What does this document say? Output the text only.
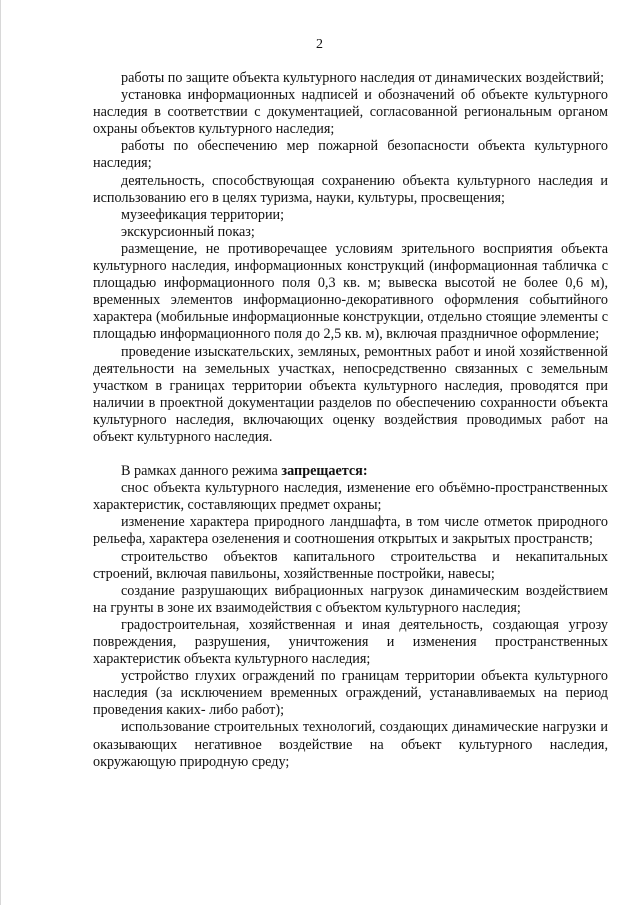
2

работы по защите объекта культурного наследия от динамических воздействий;

установка информационных надписей и обозначений об объекте культурного наследия в соответствии с документацией, согласованной региональным органом охраны объектов культурного наследия;

работы по обеспечению мер пожарной безопасности объекта культурного наследия;

деятельность, способствующая сохранению объекта культурного наследия и использованию его в целях туризма, науки, культуры, просвещения;

музеефикация территории;

экскурсионный показ;

размещение, не противоречащее условиям зрительного восприятия объекта культурного наследия, информационных конструкций (информационная табличка с площадью информационного поля 0,3 кв. м; вывеска высотой не более 0,6 м), временных элементов информационно-декоративного оформления событийного характера (мобильные информационные конструкции, отдельно стоящие элементы с площадью информационного поля до 2,5 кв. м), включая праздничное оформление;

проведение изыскательских, земляных, ремонтных работ и иной хозяйственной деятельности на земельных участках, непосредственно связанных с земельным участком в границах территории объекта культурного наследия, проводятся при наличии в проектной документации разделов по обеспечению сохранности объекта культурного наследия, включающих оценку воздействия проводимых работ на объект культурного наследия.

В рамках данного режима запрещается:

снос объекта культурного наследия, изменение его объёмно-пространственных характеристик, составляющих предмет охраны;

изменение характера природного ландшафта, в том числе отметок природного рельефа, характера озеленения и соотношения открытых и закрытых пространств;

строительство объектов капитального строительства и некапитальных строений, включая павильоны, хозяйственные постройки, навесы;

создание разрушающих вибрационных нагрузок динамическим воздействием на грунты в зоне их взаимодействия с объектом культурного наследия;

градостроительная, хозяйственная и иная деятельность, создающая угрозу повреждения, разрушения, уничтожения и изменения пространственных характеристик объекта культурного наследия;

устройство глухих ограждений по границам территории объекта культурного наследия (за исключением временных ограждений, устанавливаемых на период проведения каких- либо работ);

использование строительных технологий, создающих динамические нагрузки и оказывающих негативное воздействие на объект культурного наследия, окружающую природную среду;
